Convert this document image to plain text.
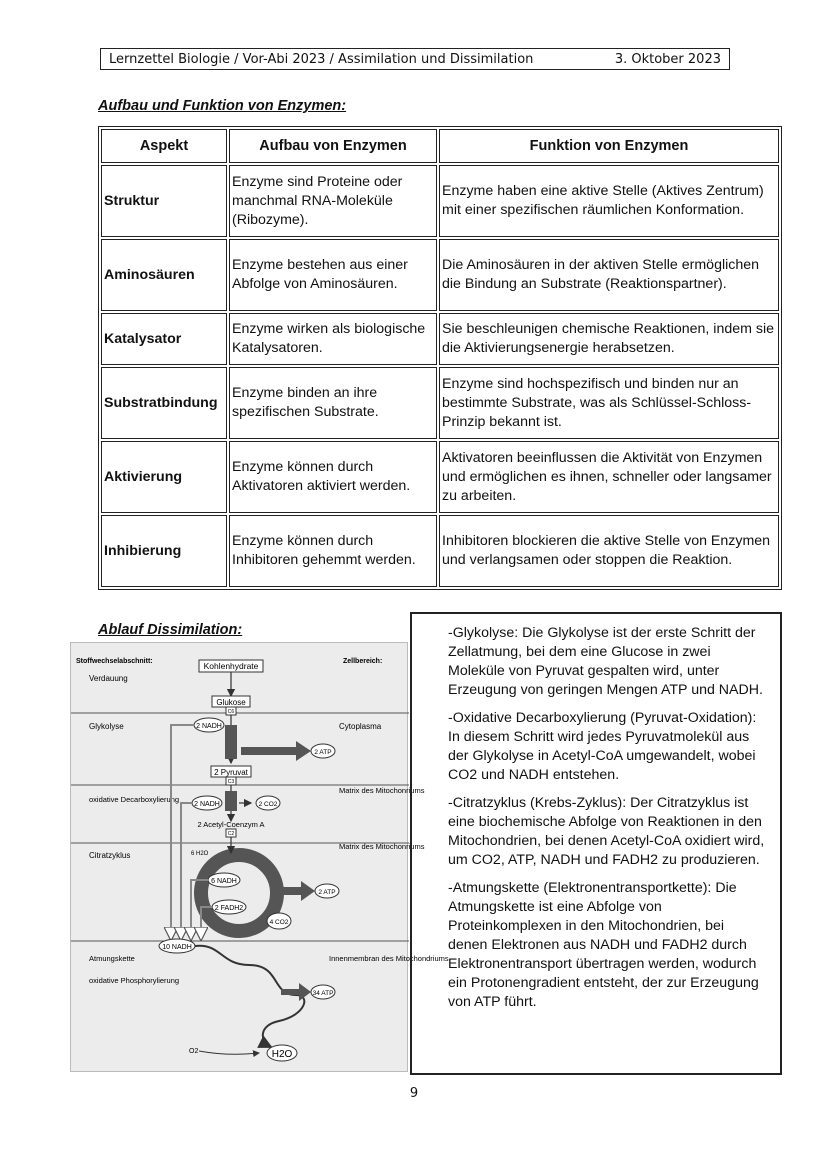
Lernzettel Biologie / Vor-Abi 2023 / Assimilation und Dissimilation	3. Oktober 2023
Aufbau und Funktion von Enzymen:
Aspekt	Aufbau von Enzymen	Funktion von Enzymen
Struktur	Enzyme sind Proteine oder manchmal RNA-Moleküle (Ribozyme).	Enzyme haben eine aktive Stelle (Aktives Zentrum) mit einer spezifischen räumlichen Konformation.
Aminosäuren	Enzyme bestehen aus einer Abfolge von Aminosäuren.	Die Aminosäuren in der aktiven Stelle ermöglichen die Bindung an Substrate (Reaktionspartner).
Katalysator	Enzyme wirken als biologische Katalysatoren.	Sie beschleunigen chemische Reaktionen, indem sie die Aktivierungsenergie herabsetzen.
Substratbindung	Enzyme binden an ihre spezifischen Substrate.	Enzyme sind hochspezifisch und binden nur an bestimmte Substrate, was als Schlüssel-Schloss-Prinzip bekannt ist.
Aktivierung	Enzyme können durch Aktivatoren aktiviert werden.	Aktivatoren beeinflussen die Aktivität von Enzymen und ermöglichen es ihnen, schneller oder langsamer zu arbeiten.
Inhibierung	Enzyme können durch Inhibitoren gehemmt werden.	Inhibitoren blockieren die aktive Stelle von Enzymen und verlangsamen oder stoppen die Reaktion.
Ablauf Dissimilation:
Stoffwechselabschnitt:	Zellbereich:
Verdauung
Glykolyse
oxidative Decarboxylierung
Citratzyklus
Atmungskette
oxidative Phosphorylierung
Cytoplasma
Matrix des Mitochonriums
Matrix des Mitochonriums
Innenmembran des Mitochondriums
Kohlenhydrate
Glukose
C6
2 NADH
2 ATP
2 Pyruvat
C3
2 NADH	2 CO2
2 Acetyl-Coenzym A
C2
6 H2O
6 NADH
2 ATP
2 FADH2
4 CO2
10 NADH
34 ATP
O2	H2O

-Glykolyse: Die Glykolyse ist der erste Schritt der Zellatmung, bei dem eine Glucose in zwei Moleküle von Pyruvat gespalten wird, unter Erzeugung von geringen Mengen ATP und NADH.

-Oxidative Decarboxylierung (Pyruvat-Oxidation): In diesem Schritt wird jedes Pyruvatmolekül aus der Glykolyse in Acetyl-CoA umgewandelt, wobei CO2 und NADH entstehen.

-Citratzyklus (Krebs-Zyklus): Der Citratzyklus ist eine biochemische Abfolge von Reaktionen in den Mitochondrien, bei denen Acetyl-CoA oxidiert wird, um CO2, ATP, NADH und FADH2 zu produzieren.

-Atmungskette (Elektronentransportkette): Die Atmungskette ist eine Abfolge von Proteinkomplexen in den Mitochondrien, bei denen Elektronen aus NADH und FADH2 durch Elektronentransport übertragen werden, wodurch ein Protonengradient entsteht, der zur Erzeugung von ATP führt.

9
